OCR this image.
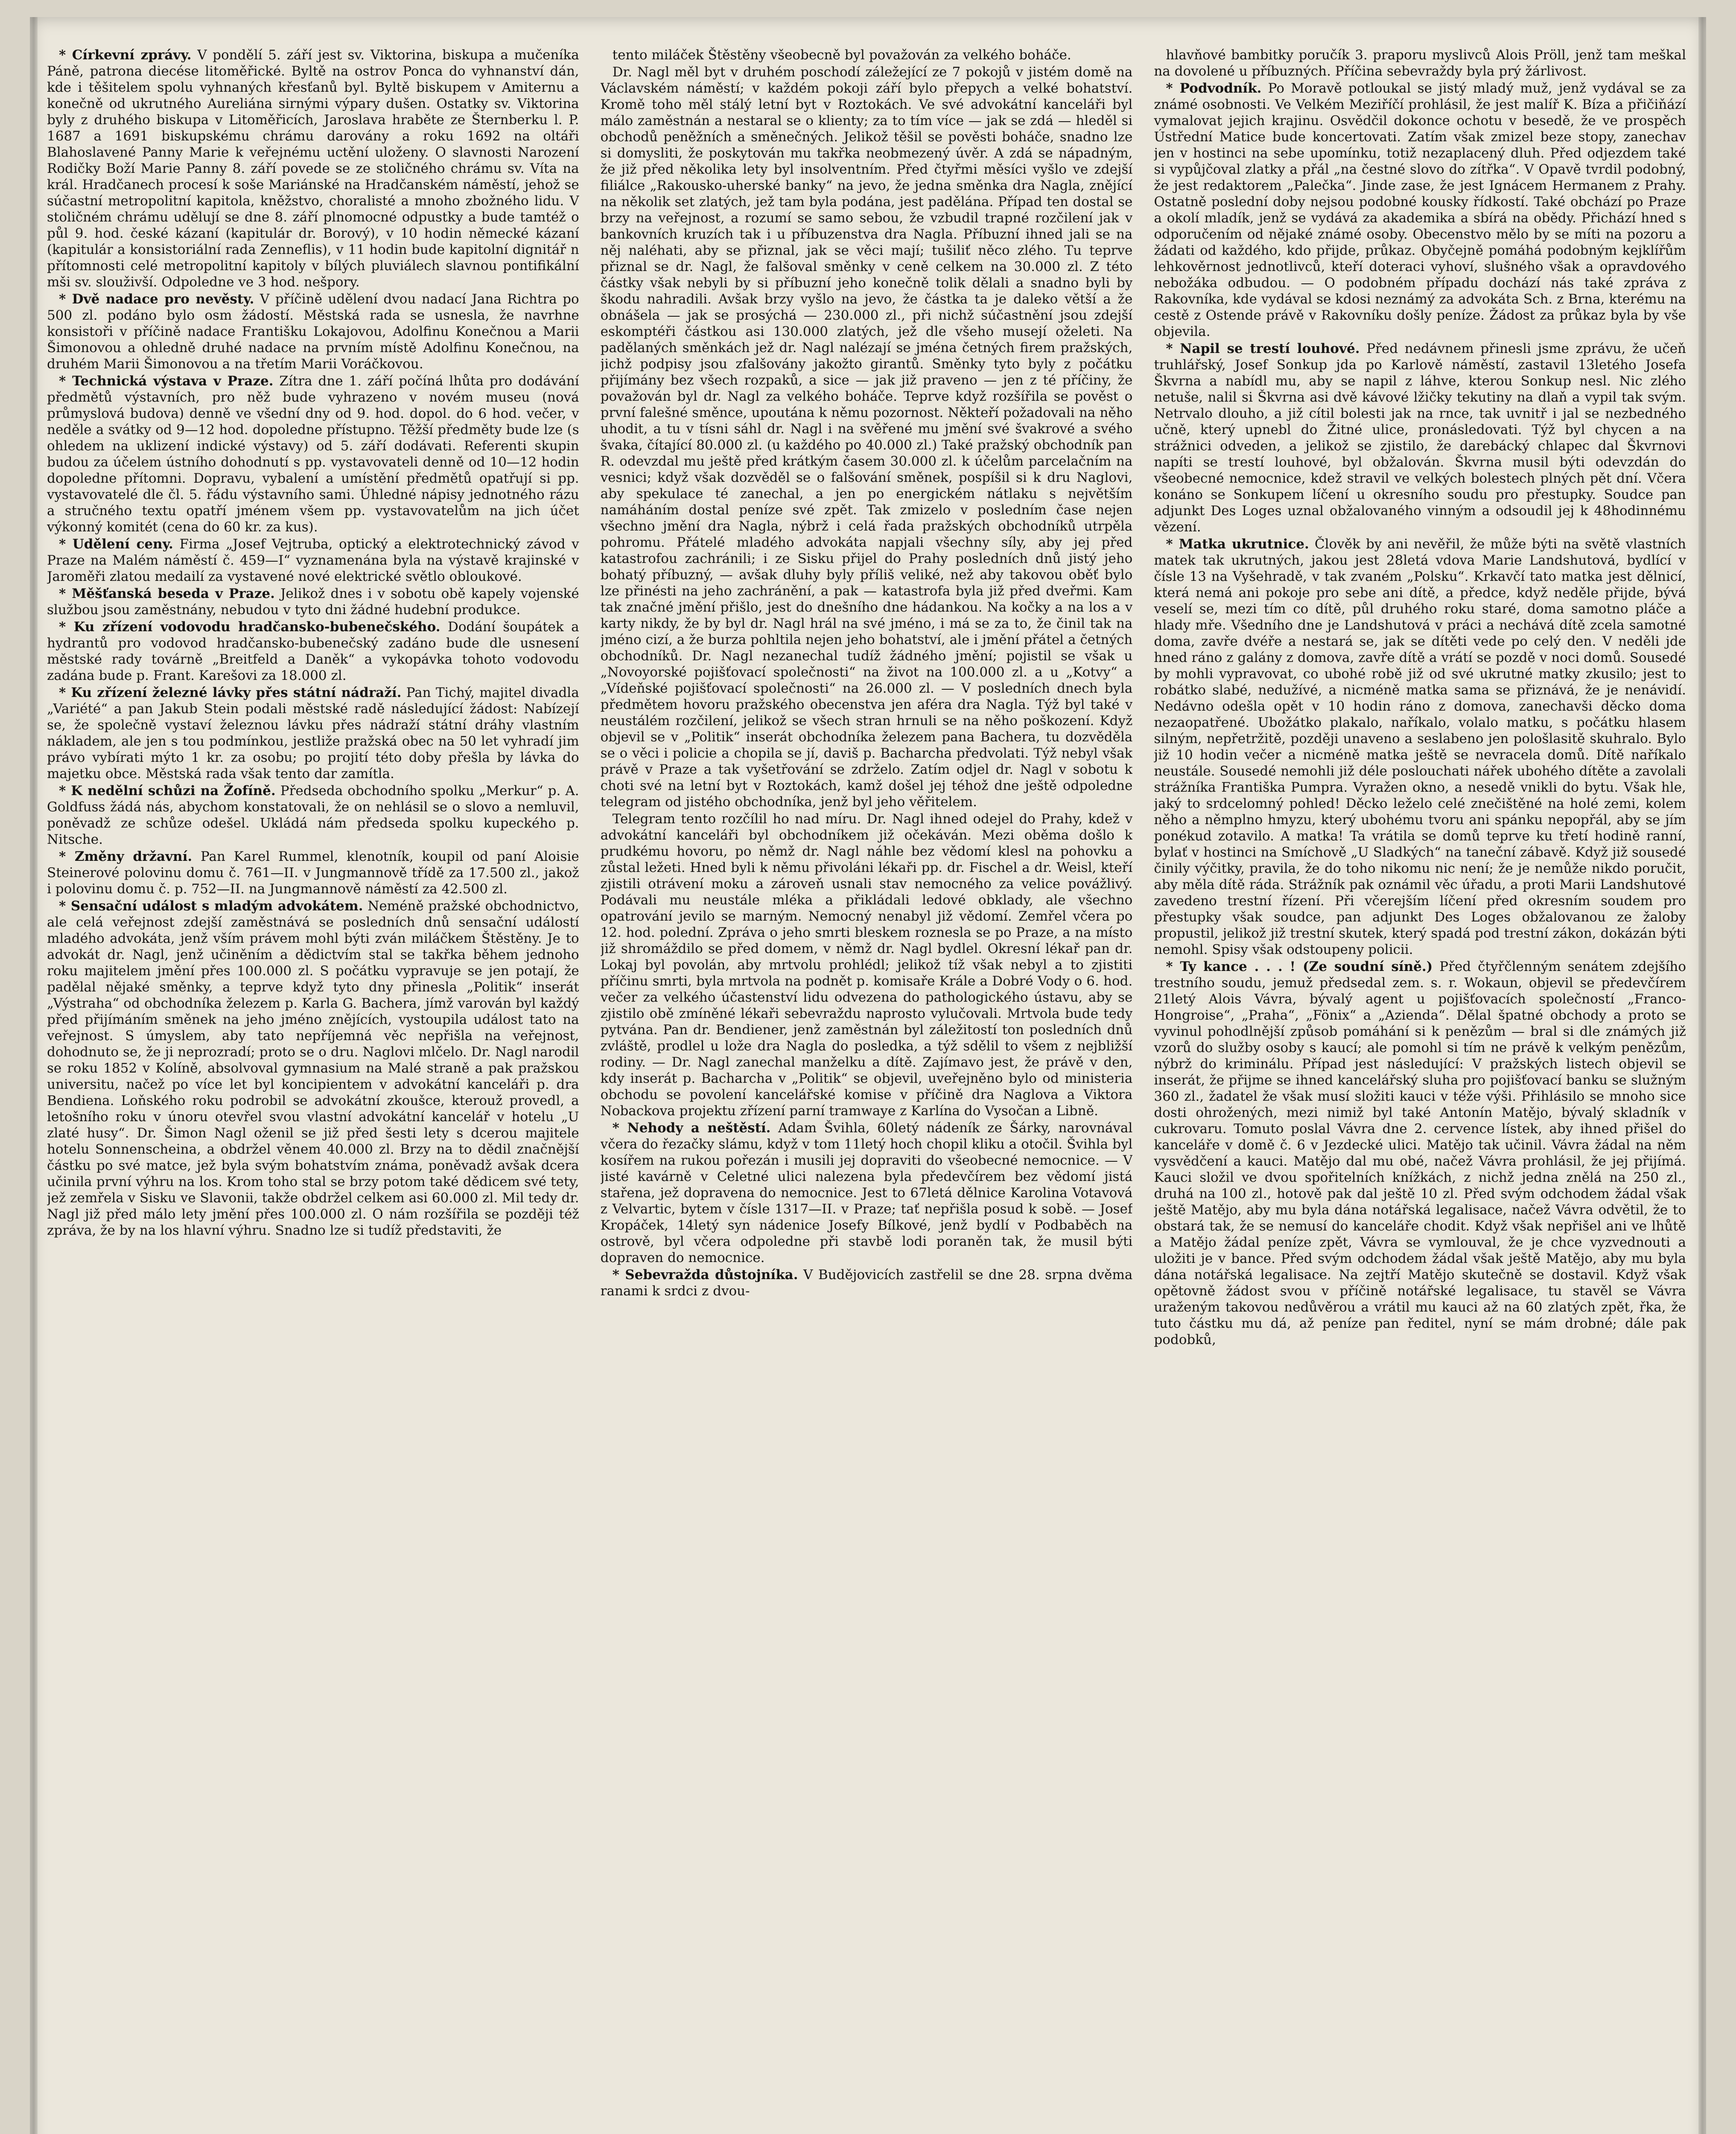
* Církevní zprávy. V pondělí 5. září jest sv. Viktorina, biskupa a mučeníka Páně, patrona diecése litoměřické. Byltě na ostrov Ponca do vyhnanství dán, kde i těšitelem spolu vyhnaných křesťanů byl. Byltě biskupem v Amiternu a konečně od ukrutného Aureliána sirnými výpary dušen. Ostatky sv. Viktorina byly z druhého biskupa v Litoměřicích, Jaroslava hraběte ze Šternberku l. P. 1687 a 1691 biskupskému chrámu darovány a roku 1692 na oltáři Blahoslavené Panny Marie k veřejnému uctění uloženy. O slavnosti Narození Rodičky Boží Marie Panny 8. září povede se ze stoličného chrámu sv. Víta na král. Hradčanech procesí k soše Mariánské na Hradčanském náměstí, jehož se súčastní metropolitní kapitola, kněžstvo, choralisté a mnoho zbožného lidu. V stoličném chrámu udělují se dne 8. září plnomocné odpustky a bude tamtéž o půl 9. hod. české kázaní (kapitulár dr. Borový), v 10 hodin německé kázaní (kapitulár a konsistoriální rada Zenneflis), v 11 hodin bude kapitolní dignitář n přítomnosti celé metropolitní kapitoly v bílých pluviálech slavnou pontifikální mši sv. slouživší. Odpoledne ve 3 hod. nešpory.

* Dvě nadace pro nevěsty. V příčině udělení dvou nadací Jana Richtra po 500 zl. podáno bylo osm žádostí. Městská rada se usnesla, že navrhne konsistoři v příčině nadace Františku Lokajovou, Adolfinu Konečnou a Marii Šimonovou a ohledně druhé nadace na prvním místě Adolfinu Konečnou, na druhém Marii Šimonovou a na třetím Marii Voráčkovou.

* Technická výstava v Praze. Zítra dne 1. září počíná lhůta pro dodávání předmětů výstavních, pro něž bude vyhrazeno v novém museu (nová průmyslová budova) denně ve všední dny od 9. hod. dopol. do 6 hod. večer, v neděle a svátky od 9—12 hod. dopoledne přístupno. Těžší předměty bude lze (s ohledem na uklizení indické výstavy) od 5. září dodávati. Referenti skupin budou za účelem ústního dohodnutí s pp. vystavovateli denně od 10—12 hodin dopoledne přítomni. Dopravu, vybalení a umístění předmětů opatřují si pp. vystavovatelé dle čl. 5. řádu výstavního sami. Úhledné nápisy jednotného rázu a stručného textu opatří jménem všem pp. vystavovatelům na jich účet výkonný komitét (cena do 60 kr. za kus).

* Udělení ceny. Firma „Josef Vejtruba, optický a elektrotechnický závod v Praze na Malém náměstí č. 459—I“ vyznamenána byla na výstavě krajinské v Jaroměři zlatou medailí za vystavené nové elektrické světlo obloukové.

* Měšťanská beseda v Praze. Jelikož dnes i v sobotu obě kapely vojenské službou jsou zaměstnány, nebudou v tyto dni žádné hudební produkce.

* Ku zřízení vodovodu hradčansko-bubenečského. Dodání šoupátek a hydrantů pro vodovod hradčansko-bubenečský zadáno bude dle usnesení městské rady továrně „Breitfeld a Daněk“ a vykopávka tohoto vodovodu zadána bude p. Frant. Karešovi za 18.000 zl.

* Ku zřízení železné lávky přes státní nádraží. Pan Tichý, majitel divadla „Variété“ a pan Jakub Stein podali městské radě následující žádost: Nabízejí se, že společně vystaví železnou lávku přes nádraží státní dráhy vlastním nákladem, ale jen s tou podmínkou, jestliže pražská obec na 50 let vyhradí jim právo vybírati mýto 1 kr. za osobu; po projití této doby přešla by lávka do majetku obce. Městská rada však tento dar zamítla.

* K nedělní schůzi na Žofíně. Předseda obchodního spolku „Merkur“ p. A. Goldfuss žádá nás, abychom konstatovali, že on nehlásil se o slovo a nemluvil, poněvadž ze schůze odešel. Ukládá nám předseda spolku kupeckého p. Nitsche.

* Změny državní. Pan Karel Rummel, klenotník, koupil od paní Aloisie Steinerové polovinu domu č. 761—II. v Jungmannově třídě za 17.500 zl., jakož i polovinu domu č. p. 752—II. na Jungmannově náměstí za 42.500 zl.

* Sensační událost s mladým advokátem. Neméně pražské obchodnictvo, ale celá veřejnost zdejší zaměstnává se posledních dnů sensační událostí mladého advokáta, jenž vším právem mohl býti zván miláčkem Štěstěny. Je to advokát dr. Nagl, jenž učiněním a dědictvím stal se takřka během jednoho roku majitelem jmění přes 100.000 zl. S počátku vypravuje se jen potají, že padělal nějaké směnky, a teprve když tyto dny přinesla „Politik“ inserát „Výstraha“ od obchodníka železem p. Karla G. Bachera, jímž varován byl každý před přijímáním směnek na jeho jméno znějících, vystoupila událost tato na veřejnost. S úmyslem, aby tato nepříjemná věc nepřišla na veřejnost, dohodnuto se, že ji neprozradí; proto se o dru. Naglovi mlčelo. Dr. Nagl narodil se roku 1852 v Kolíně, absolvoval gymnasium na Malé straně a pak pražskou universitu, načež po více let byl koncipientem v advokátní kanceláři p. dra Bendiena. Loňského roku podrobil se advokátní zkoušce, kterouž provedl, a letošního roku v únoru otevřel svou vlastní advokátní kancelář v hotelu „U zlaté husy“. Dr. Šimon Nagl oženil se již před šesti lety s dcerou majitele hotelu Sonnenscheina, a obdržel věnem 40.000 zl. Brzy na to dědil značnější částku po své matce, jež byla svým bohatstvím známa, poněvadž avšak dcera učinila první výhru na los. Krom toho stal se brzy potom také dědicem své tety, jež zemřela v Sisku ve Slavonii, takže obdržel celkem asi 60.000 zl. Mil tedy dr. Nagl již před málo lety jmění přes 100.000 zl. O nám rozšířila se později též zpráva, že by na los hlavní výhru. Snadno lze si tudíž představiti, že

tento miláček Štěstěny všeobecně byl považován za velkého boháče.

Dr. Nagl měl byt v druhém poschodí záležející ze 7 pokojů v jistém domě na Václavském náměstí; v každém pokoji září bylo přepych a velké bohatství. Kromě toho měl stálý letní byt v Roztokách. Ve své advokátní kanceláři byl málo zaměstnán a nestaral se o klienty; za to tím více — jak se zdá — hleděl si obchodů peněžních a směnečných. Jelikož těšil se pověsti boháče, snadno lze si domysliti, že poskytován mu takřka neobmezený úvěr. A zdá se nápadným, že již před několika lety byl insolventním. Před čtyřmi měsíci vyšlo ve zdejší filiálce „Rakousko-uherské banky“ na jevo, že jedna směnka dra Nagla, znějící na několik set zlatých, jež tam byla podána, jest padělána. Případ ten dostal se brzy na veřejnost, a rozumí se samo sebou, že vzbudil trapné rozčilení jak v bankovních kruzích tak i u příbuzenstva dra Nagla. Příbuzní ihned jali se na něj naléhati, aby se přiznal, jak se věci mají; tušiliť něco zlého. Tu teprve přiznal se dr. Nagl, že falšoval směnky v ceně celkem na 30.000 zl. Z této částky však nebyli by si příbuzní jeho konečně tolik dělali a snadno byli by škodu nahradili. Avšak brzy vyšlo na jevo, že částka ta je daleko větší a že obnášela — jak se prosýchá — 230.000 zl., při nichž súčastnění jsou zdejší eskomptéři částkou asi 130.000 zlatých, jež dle všeho musejí oželeti. Na padělaných směnkách jež dr. Nagl nalézají se jména četných firem pražských, jichž podpisy jsou zfalšovány jakožto girantů. Směnky tyto byly z počátku přijímány bez všech rozpaků, a sice — jak již praveno — jen z té příčiny, že považován byl dr. Nagl za velkého boháče. Teprve když rozšířila se pověst o první falešné směnce, upoutána k němu pozornost. Někteří požadovali na něho uhodit, a tu v tísni sáhl dr. Nagl i na svěřené mu jmění své švakrové a svého švaka, čítající 80.000 zl. (u každého po 40.000 zl.) Také pražský obchodník pan R. odevzdal mu ještě před krátkým časem 30.000 zl. k účelům parcelačním na vesnici; když však dozvěděl se o falšování směnek, pospíšil si k dru Naglovi, aby spekulace té zanechal, a jen po energickém nátlaku s největším namáháním dostal peníze své zpět. Tak zmizelo v posledním čase nejen všechno jmění dra Nagla, nýbrž i celá řada pražských obchodníků utrpěla pohromu. Přátelé mladého advokáta napjali všechny síly, aby jej před katastrofou zachránili; i ze Sisku přijel do Prahy posledních dnů jistý jeho bohatý příbuzný, — avšak dluhy byly příliš veliké, než aby takovou oběť bylo lze přinésti na jeho zachránění, a pak — katastrofa byla již před dveřmi. Kam tak značné jmění přišlo, jest do dnešního dne hádankou. Na kočky a na los a v karty nikdy, že by byl dr. Nagl hrál na své jméno, i má se za to, že činil tak na jméno cizí, a že burza pohltila nejen jeho bohatství, ale i jmění přátel a četných obchodníků. Dr. Nagl nezanechal tudíž žádného jmění; pojistil se však u „Novoyorské pojišťovací společnosti“ na život na 100.000 zl. a u „Kotvy“ a „Vídeňské pojišťovací společnosti“ na 26.000 zl. — V posledních dnech byla předmětem hovoru pražského obecenstva jen aféra dra Nagla. Týž byl také v neustálém rozčilení, jelikož se všech stran hrnuli se na něho poškození. Když objevil se v „Politik“ inserát obchodníka železem pana Bachera, tu dozvěděla se o věci i policie a chopila se jí, daviš p. Bacharcha předvolati. Týž nebyl však právě v Praze a tak vyšetřování se zdrželo. Zatím odjel dr. Nagl v sobotu k choti své na letní byt v Roztokách, kamž došel jej téhož dne ještě odpoledne telegram od jistého obchodníka, jenž byl jeho věřitelem.

Telegram tento rozčílil ho nad míru. Dr. Nagl ihned odejel do Prahy, kdež v advokátní kanceláři byl obchodníkem již očekáván. Mezi oběma došlo k prudkému hovoru, po němž dr. Nagl náhle bez vědomí klesl na pohovku a zůstal ležeti. Hned byli k němu přivoláni lékaři pp. dr. Fischel a dr. Weisl, kteří zjistili otrávení moku a zároveň usnali stav nemocného za velice povážlivý. Podávali mu neustále mléka a přikládali ledové obklady, ale všechno opatrování jevilo se marným. Nemocný nenabyl již vědomí. Zemřel včera po 12. hod. polední. Zpráva o jeho smrti bleskem roznesla se po Praze, a na místo již shromáždilo se před domem, v němž dr. Nagl bydlel. Okresní lékař pan dr. Lokaj byl povolán, aby mrtvolu prohlédl; jelikož tíž však nebyl a to zjistiti příčinu smrti, byla mrtvola na podnět p. komisaře Krále a Dobré Vody o 6. hod. večer za velkého účastenství lidu odvezena do pathologického ústavu, aby se zjistilo obě zmíněné lékaři sebevraždu naprosto vylučovali. Mrtvola bude tedy pytvána. Pan dr. Bendiener, jenž zaměstnán byl záležitostí ton posledních dnů zvláště, prodlel u lože dra Nagla do posledka, a týž sdělil to všem z nejbližší rodiny. — Dr. Nagl zanechal manželku a dítě. Zajímavo jest, že právě v den, kdy inserát p. Bacharcha v „Politik“ se objevil, uveřejněno bylo od ministeria obchodu se povolení kancelářské komise v příčině dra Naglova a Viktora Nobackova projektu zřízení parní tramwaye z Karlína do Vysočan a Libně.

* Nehody a neštěstí. Adam Švihla, 60letý nádeník ze Šárky, narovnával včera do řezačky slámu, když v tom 11letý hoch chopil kliku a otočil. Švihla byl kosířem na rukou pořezán i musili jej dopraviti do všeobecné nemocnice. — V jisté kavárně v Celetné ulici nalezena byla předevčírem bez vědomí jistá stařena, jež dopravena do nemocnice. Jest to 67letá dělnice Karolina Votavová z Velvartic, bytem v čísle 1317—II. v Praze; tať nepřišla posud k sobě. — Josef Kropáček, 14letý syn nádenice Josefy Bílkové, jenž bydlí v Podbaběch na ostrově, byl včera odpoledne při stavbě lodi poraněn tak, že musil býti dopraven do nemocnice.

* Sebevražda důstojníka. V Budějovicích zastřelil se dne 28. srpna dvěma ranami k srdci z dvou-

hlavňové bambitky poručík 3. praporu myslivců Alois Pröll, jenž tam meškal na dovolené u příbuzných. Příčina sebevraždy byla prý žárlivost.

* Podvodník. Po Moravě potloukal se jistý mladý muž, jenž vydával se za známé osobnosti. Ve Velkém Meziříčí prohlásil, že jest malíř K. Bíza a přičiňází vymalovat jejich krajinu. Osvědčil dokonce ochotu v besedě, že ve prospěch Ústřední Matice bude koncertovati. Zatím však zmizel beze stopy, zanechav jen v hostinci na sebe upomínku, totiž nezaplacený dluh. Před odjezdem také si vypůjčoval zlatky a přál „na čestné slovo do zítřka“. V Opavě tvrdil podobný, že jest redaktorem „Palečka“. Jinde zase, že jest Ignácem Hermanem z Prahy. Ostatně poslední doby nejsou podobné kousky řídkostí. Také obchází po Praze a okolí mladík, jenž se vydává za akademika a sbírá na obědy. Přichází hned s odporučením od nějaké známé osoby. Obecenstvo mělo by se míti na pozoru a žádati od každého, kdo přijde, průkaz. Obyčejně pomáhá podobným kejklířům lehkověrnost jednotlivců, kteří doteraci vyhoví, slušného však a opravdového nebožáka odbudou. — O podobném případu dochází nás také zpráva z Rakovníka, kde vydával se kdosi neznámý za advokáta Sch. z Brna, kterému na cestě z Ostende právě v Rakovníku došly peníze. Žádost za průkaz byla by vše objevila.

* Napil se trestí louhové. Před nedávnem přinesli jsme zprávu, že učeň truhlářský, Josef Sonkup jda po Karlově náměstí, zastavil 13letého Josefa Škvrna a nabídl mu, aby se napil z láhve, kterou Sonkup nesl. Nic zlého netuše, nalil si Škvrna asi dvě kávové lžičky tekutiny na dlaň a vypil tak svým. Netrvalo dlouho, a již cítil bolesti jak na rnce, tak uvnitř i jal se nezbedného učně, který upnebl do Žitné ulice, pronásledovati. Týž byl chycen a na strážnici odveden, a jelikož se zjistilo, že darebácký chlapec dal Škvrnovi napíti se trestí louhové, byl obžalován. Škvrna musil býti odevzdán do všeobecné nemocnice, kdež stravil ve velkých bolestech plných pět dní. Včera konáno se Sonkupem líčení u okresního soudu pro přestupky. Soudce pan adjunkt Des Loges uznal obžalovaného vinným a odsoudil jej k 48hodinnému vězení.

* Matka ukrutnice. Člověk by ani nevěřil, že může býti na světě vlastních matek tak ukrutných, jakou jest 28letá vdova Marie Landshutová, bydlící v čísle 13 na Vyšehradě, v tak zvaném „Polsku“. Krkavčí tato matka jest dělnicí, která nemá ani pokoje pro sebe ani dítě, a předce, když neděle přijde, bývá veselí se, mezi tím co dítě, půl druhého roku staré, doma samotno pláče a hlady mře. Všedního dne je Landshutová v práci a nechává dítě zcela samotné doma, zavře dvéře a nestará se, jak se dítěti vede po celý den. V neděli jde hned ráno z galány z domova, zavře dítě a vrátí se pozdě v noci domů. Sousedé by mohli vypravovat, co ubohé robě již od své ukrutné matky zkusilo; jest to robátko slabé, nedužívé, a nicméně matka sama se přiznává, že je nenávidí. Nedávno odešla opět v 10 hodin ráno z domova, zanechavši děcko doma nezaopatřené. Ubožátko plakalo, naříkalo, volalo matku, s počátku hlasem silným, nepřetržitě, později unaveno a seslabeno jen pološlasitě skuhralo. Bylo již 10 hodin večer a nicméně matka ještě se nevracela domů. Dítě naříkalo neustále. Sousedé nemohli již déle poslouchati nářek ubohého dítěte a zavolali strážníka Františka Pumpra. Vyražen okno, a nesedě vnikli do bytu. Však hle, jaký to srdcelomný pohled! Děcko leželo celé znečištěné na holé zemi, kolem něho a němplno hmyzu, který ubohému tvoru ani spánku nepopřál, aby se jím ponékud zotavilo. A matka! Ta vrátila se domů teprve ku třetí hodině ranní, bylať v hostinci na Smíchově „U Sladkých“ na taneční zábavě. Když již sousedé činily výčitky, pravila, že do toho nikomu nic není; že je nemůže nikdo poručit, aby měla dítě ráda. Strážník pak oznámil věc úřadu, a proti Marii Landshutové zavedeno trestní řízení. Při včerejším líčení před okresním soudem pro přestupky však soudce, pan adjunkt Des Loges obžalovanou ze žaloby propustil, jelikož již trestní skutek, který spadá pod trestní zákon, dokázán býti nemohl. Spisy však odstoupeny policii.

* Ty kance . . . ! (Ze soudní síně.) Před čtyřčlenným senátem zdejšího trestního soudu, jemuž předsedal zem. s. r. Wokaun, objevil se předevčírem 21letý Alois Vávra, bývalý agent u pojišťovacích společností „Franco-Hongroise“, „Praha“, „Fönix“ a „Azienda“. Dělal špatné obchody a proto se vyvinul pohodlnější způsob pomáhání si k penězům — bral si dle známých již vzorů do služby osoby s kaucí; ale pomohl si tím ne právě k velkým penězům, nýbrž do kriminálu. Případ jest následující: V pražských listech objevil se inserát, že přijme se ihned kancelářský sluha pro pojišťovací banku se služným 360 zl., žadatel že však musí složiti kauci v téže výši. Přihlásilo se mnoho sice dosti ohrožených, mezi nimiž byl také Antonín Matějo, bývalý skladník v cukrovaru. Tomuto poslal Vávra dne 2. cervence lístek, aby ihned přišel do kanceláře v domě č. 6 v Jezdecké ulici. Matějo tak učinil. Vávra žádal na něm vysvědčení a kauci. Matějo dal mu obé, načež Vávra prohlásil, že jej přijímá. Kauci složil ve dvou spořitelních knížkách, z nichž jedna znělá na 250 zl., druhá na 100 zl., hotově pak dal ještě 10 zl. Před svým odchodem žádal však ještě Matějo, aby mu byla dána notářská legalisace, načež Vávra odvětil, že to obstará tak, že se nemusí do kanceláře chodit. Když však nepřišel ani ve lhůtě a Matějo žádal peníze zpět, Vávra se vymlouval, že je chce vyzvednouti a uložiti je v bance. Před svým odchodem žádal však ještě Matějo, aby mu byla dána notářská legalisace. Na zejtří Matějo skutečně se dostavil. Když však opětovně žádost svou v příčině notářské legalisace, tu stavěl se Vávra uraženým takovou nedůvěrou a vrátil mu kauci až na 60 zlatých zpět, řka, že tuto částku mu dá, až peníze pan ředitel, nyní se mám drobné; dále pak podobků,
